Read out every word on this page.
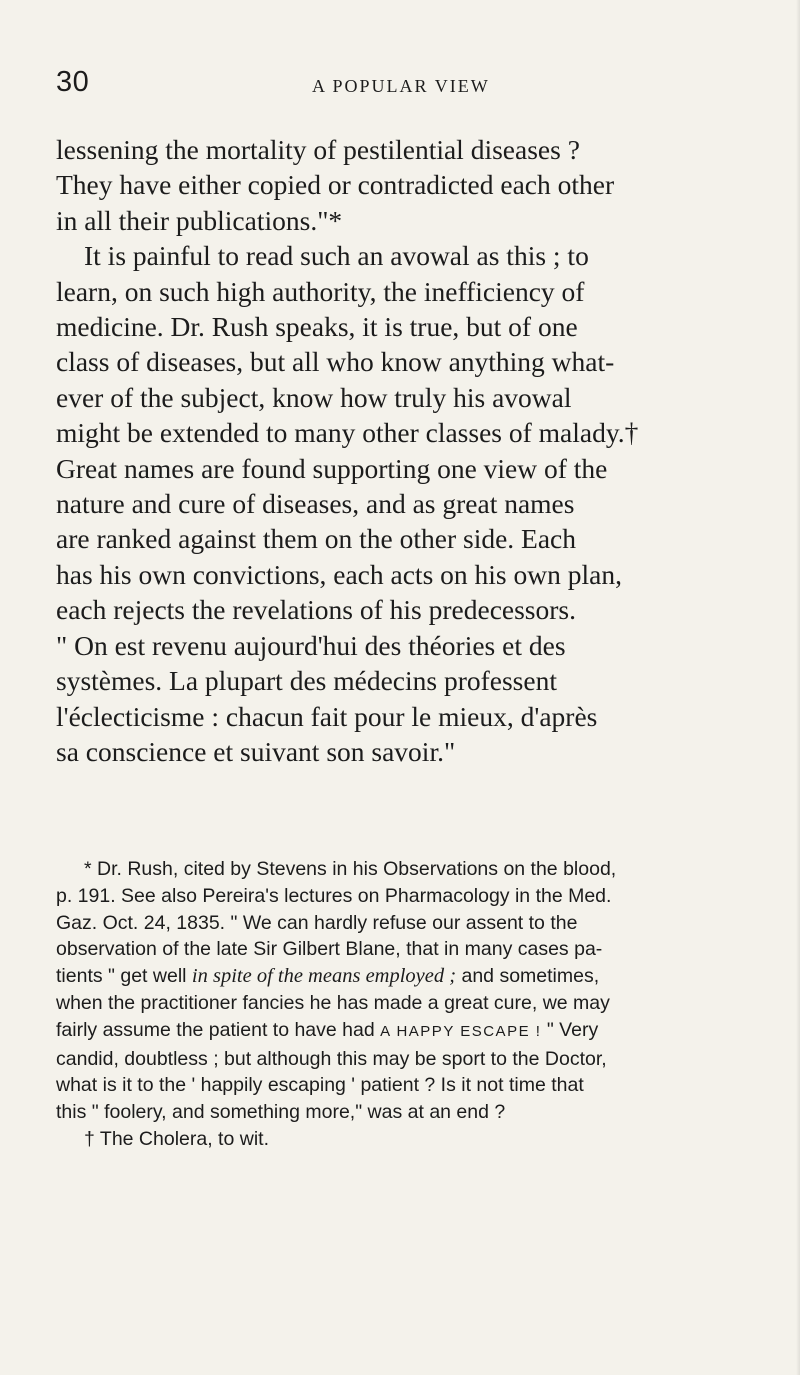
30	A POPULAR VIEW
lessening the mortality of pestilential diseases ?
They have either copied or contradicted each other
in all their publications."*
It is painful to read such an avowal as this ; to
learn, on such high authority, the inefficiency of
medicine. Dr. Rush speaks, it is true, but of one
class of diseases, but all who know anything what-
ever of the subject, know how truly his avowal
might be extended to many other classes of malady.†
Great names are found supporting one view of the
nature and cure of diseases, and as great names
are ranked against them on the other side. Each
has his own convictions, each acts on his own plan,
each rejects the revelations of his predecessors.
" On est revenu aujourd'hui des théories et des
systèmes. La plupart des médecins professent
l'éclecticisme : chacun fait pour le mieux, d'après
sa conscience et suivant son savoir."
* Dr. Rush, cited by Stevens in his Observations on the blood,
p. 191. See also Pereira's lectures on Pharmacology in the Med.
Gaz. Oct. 24, 1835. " We can hardly refuse our assent to the
observation of the late Sir Gilbert Blane, that in many cases pa-
tients " get well in spite of the means employed ; and sometimes,
when the practitioner fancies he has made a great cure, we may
fairly assume the patient to have had A HAPPY ESCAPE ! " Very
candid, doubtless ; but although this may be sport to the Doctor,
what is it to the ' happily escaping ' patient ? Is it not time that
this " foolery, and something more," was at an end ?
† The Cholera, to wit.
